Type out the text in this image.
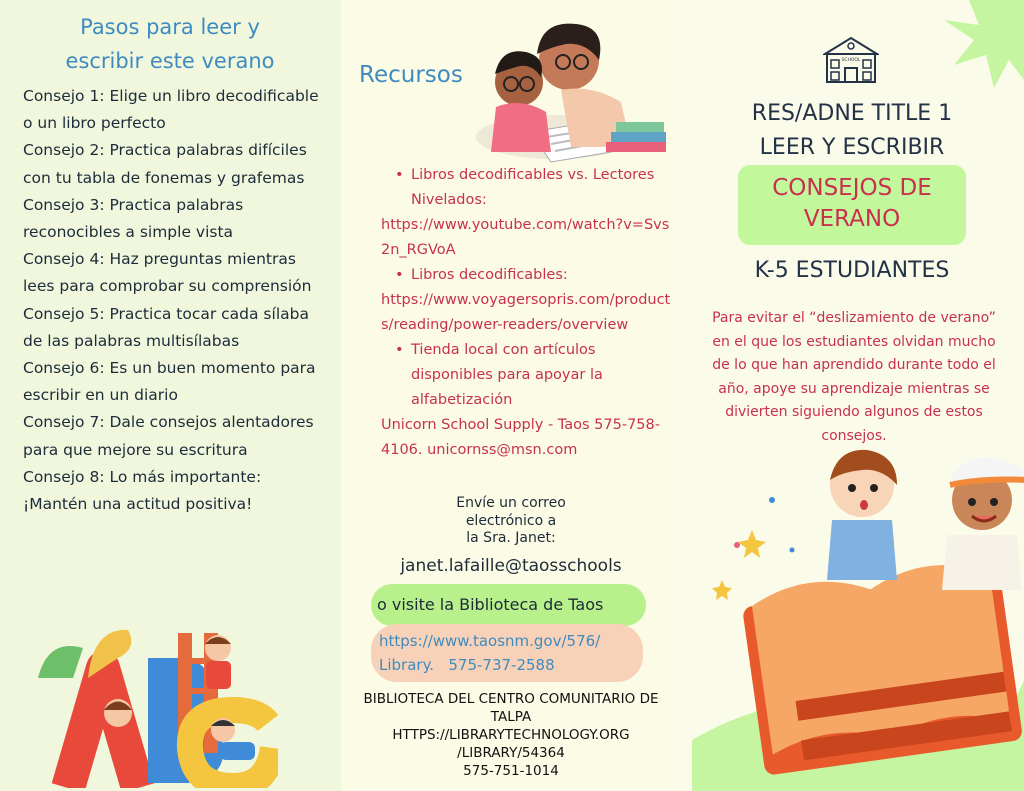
Pasos para leer y
escribir este verano

Consejo 1: Elige un libro decodificable o un libro perfecto

Consejo 2: Practica palabras difíciles con tu tabla de fonemas y grafemas

Consejo 3: Practica palabras reconocibles a simple vista

Consejo 4: Haz preguntas mientras lees para comprobar su comprensión

Consejo 5: Practica tocar cada sílaba de las palabras multisílabas

Consejo 6: Es un buen momento para escribir en un diario

Consejo 7: Dale consejos alentadores para que mejore su escritura

Consejo 8: Lo más importante: ¡Mantén una actitud positiva!

Recursos
• Libros decodificables vs. Lectores Nivelados:
https://www.youtube.com/watch?v=Svs2n_RGVoA
• Libros decodificables:
https://www.voyagersopris.com/products/reading/power-readers/overview
• Tienda local con artículos disponibles para apoyar la alfabetización
Unicorn School Supply - Taos 575-758-4106. unicornss@msn.com
Envíe un correo
electrónico a
la Sra. Janet:
janet.lafaille@taosschools
o visite la Biblioteca de Taos
https://www.taosnm.gov/576/
Library.   575-737-2588
BIBLIOTECA DEL CENTRO COMUNITARIO DE
TALPA
HTTPS://LIBRARYTECHNOLOGY.ORG
/LIBRARY/54364
575-751-1014
SCHOOL
RES/ADNE TITLE 1
LEER Y ESCRIBIR
CONSEJOS DE
VERANO
K-5 ESTUDIANTES
Para evitar el “deslizamiento de verano” en el que los estudiantes olvidan mucho de lo que han aprendido durante todo el año, apoye su aprendizaje mientras se divierten siguiendo algunos de estos consejos.
